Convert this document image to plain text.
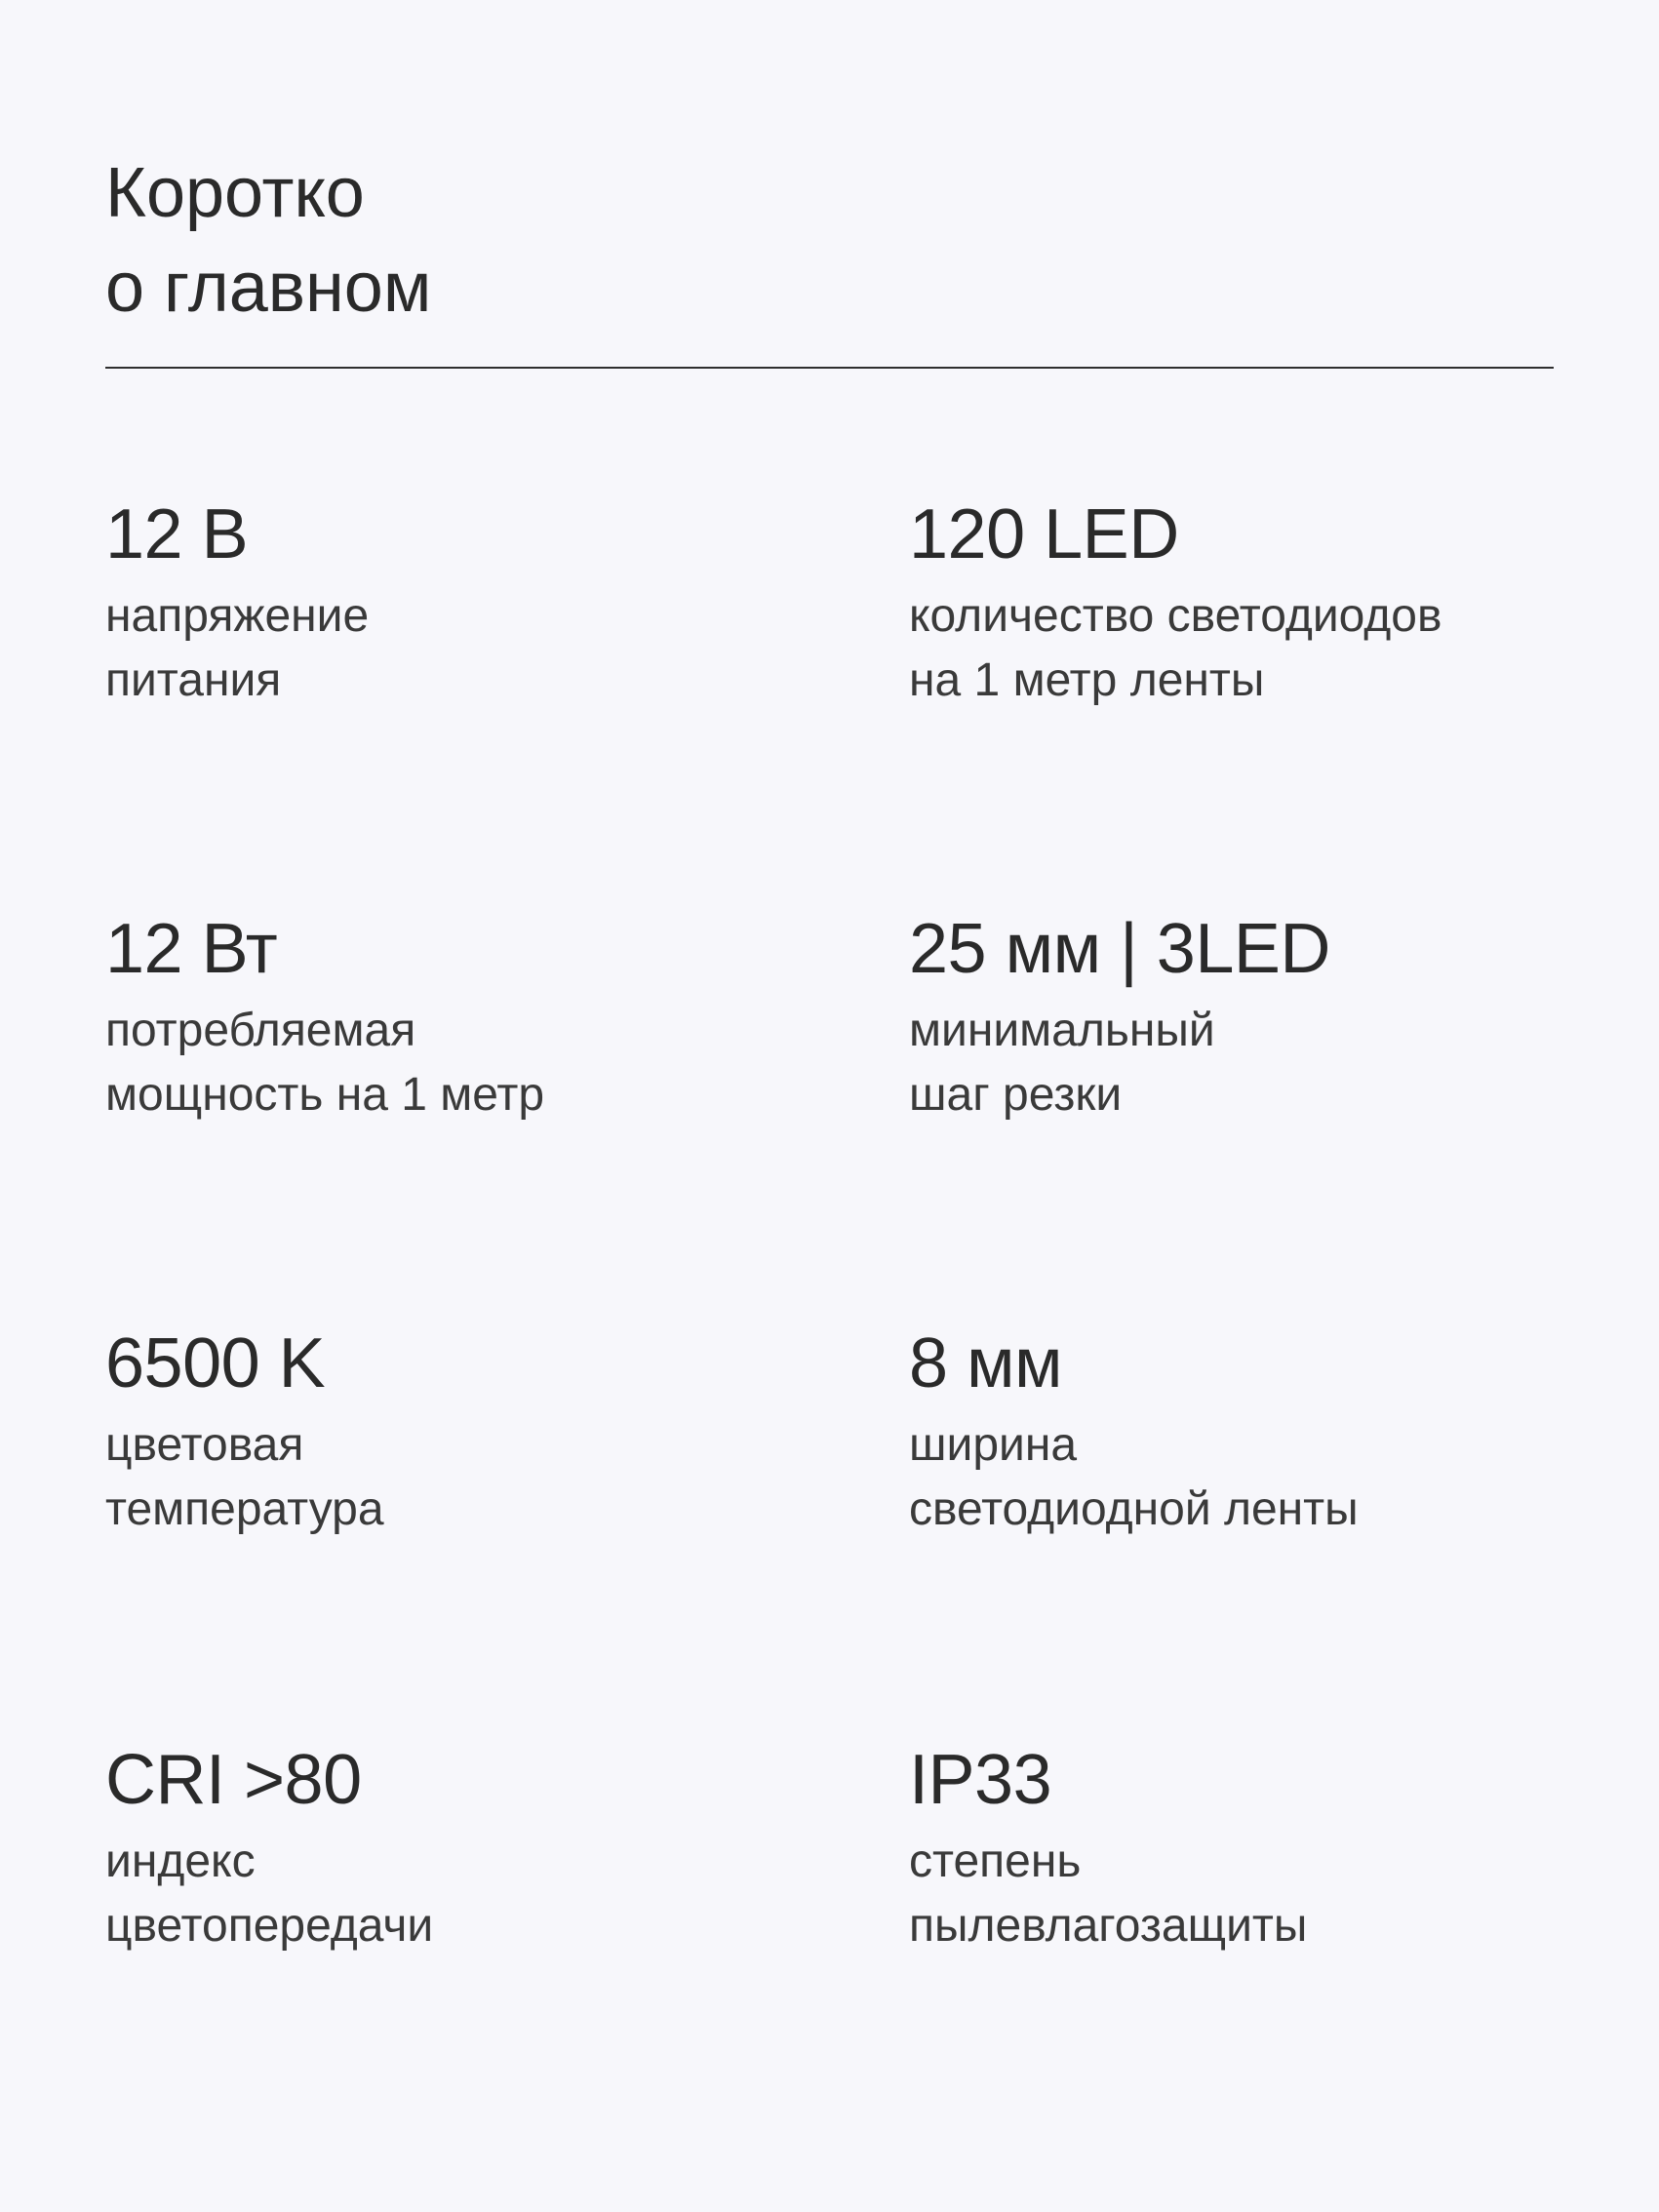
Коротко
о главном
12 В
напряжение
питания
120 LED
количество светодиодов
на 1 метр ленты
12 Вт
потребляемая
мощность на 1 метр
25 мм | 3LED
минимальный
шаг резки
6500 K
цветовая
температура
8 мм
ширина
светодиодной ленты
CRI >80
индекс
цветопередачи
IP33
степень
пылевлагозащиты
